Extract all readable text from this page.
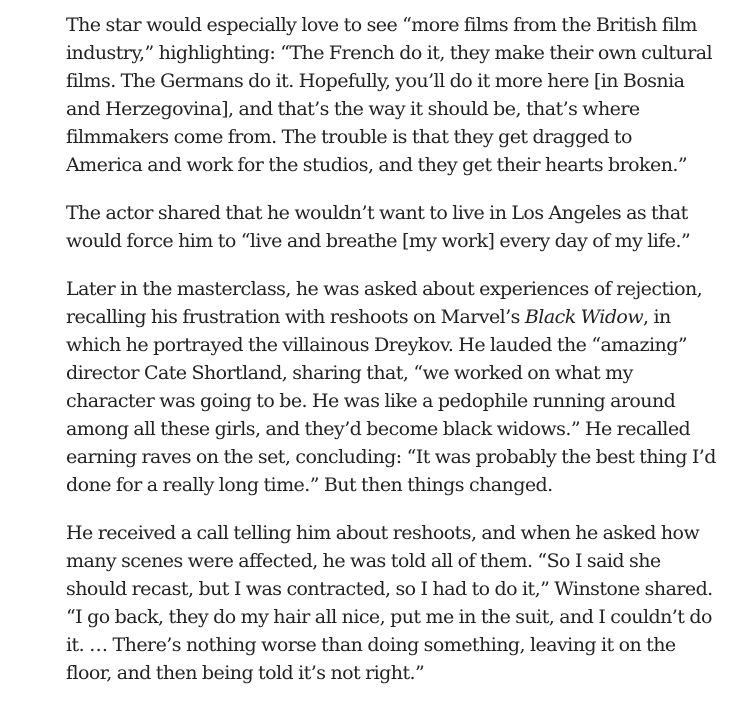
The star would especially love to see “more films from the British film
industry,” highlighting: “The French do it, they make their own cultural
films. The Germans do it. Hopefully, you’ll do it more here [in Bosnia
and Herzegovina], and that’s the way it should be, that’s where
filmmakers come from. The trouble is that they get dragged to
America and work for the studios, and they get their hearts broken.”

The actor shared that he wouldn’t want to live in Los Angeles as that
would force him to “live and breathe [my work] every day of my life.”

Later in the masterclass, he was asked about experiences of rejection,
recalling his frustration with reshoots on Marvel’s Black Widow, in
which he portrayed the villainous Dreykov. He lauded the “amazing”
director Cate Shortland, sharing that, “we worked on what my
character was going to be. He was like a pedophile running around
among all these girls, and they’d become black widows.” He recalled
earning raves on the set, concluding: “It was probably the best thing I’d
done for a really long time.” But then things changed.

He received a call telling him about reshoots, and when he asked how
many scenes were affected, he was told all of them. “So I said she
should recast, but I was contracted, so I had to do it,” Winstone shared.
“I go back, they do my hair all nice, put me in the suit, and I couldn’t do
it. … There’s nothing worse than doing something, leaving it on the
floor, and then being told it’s not right.”
